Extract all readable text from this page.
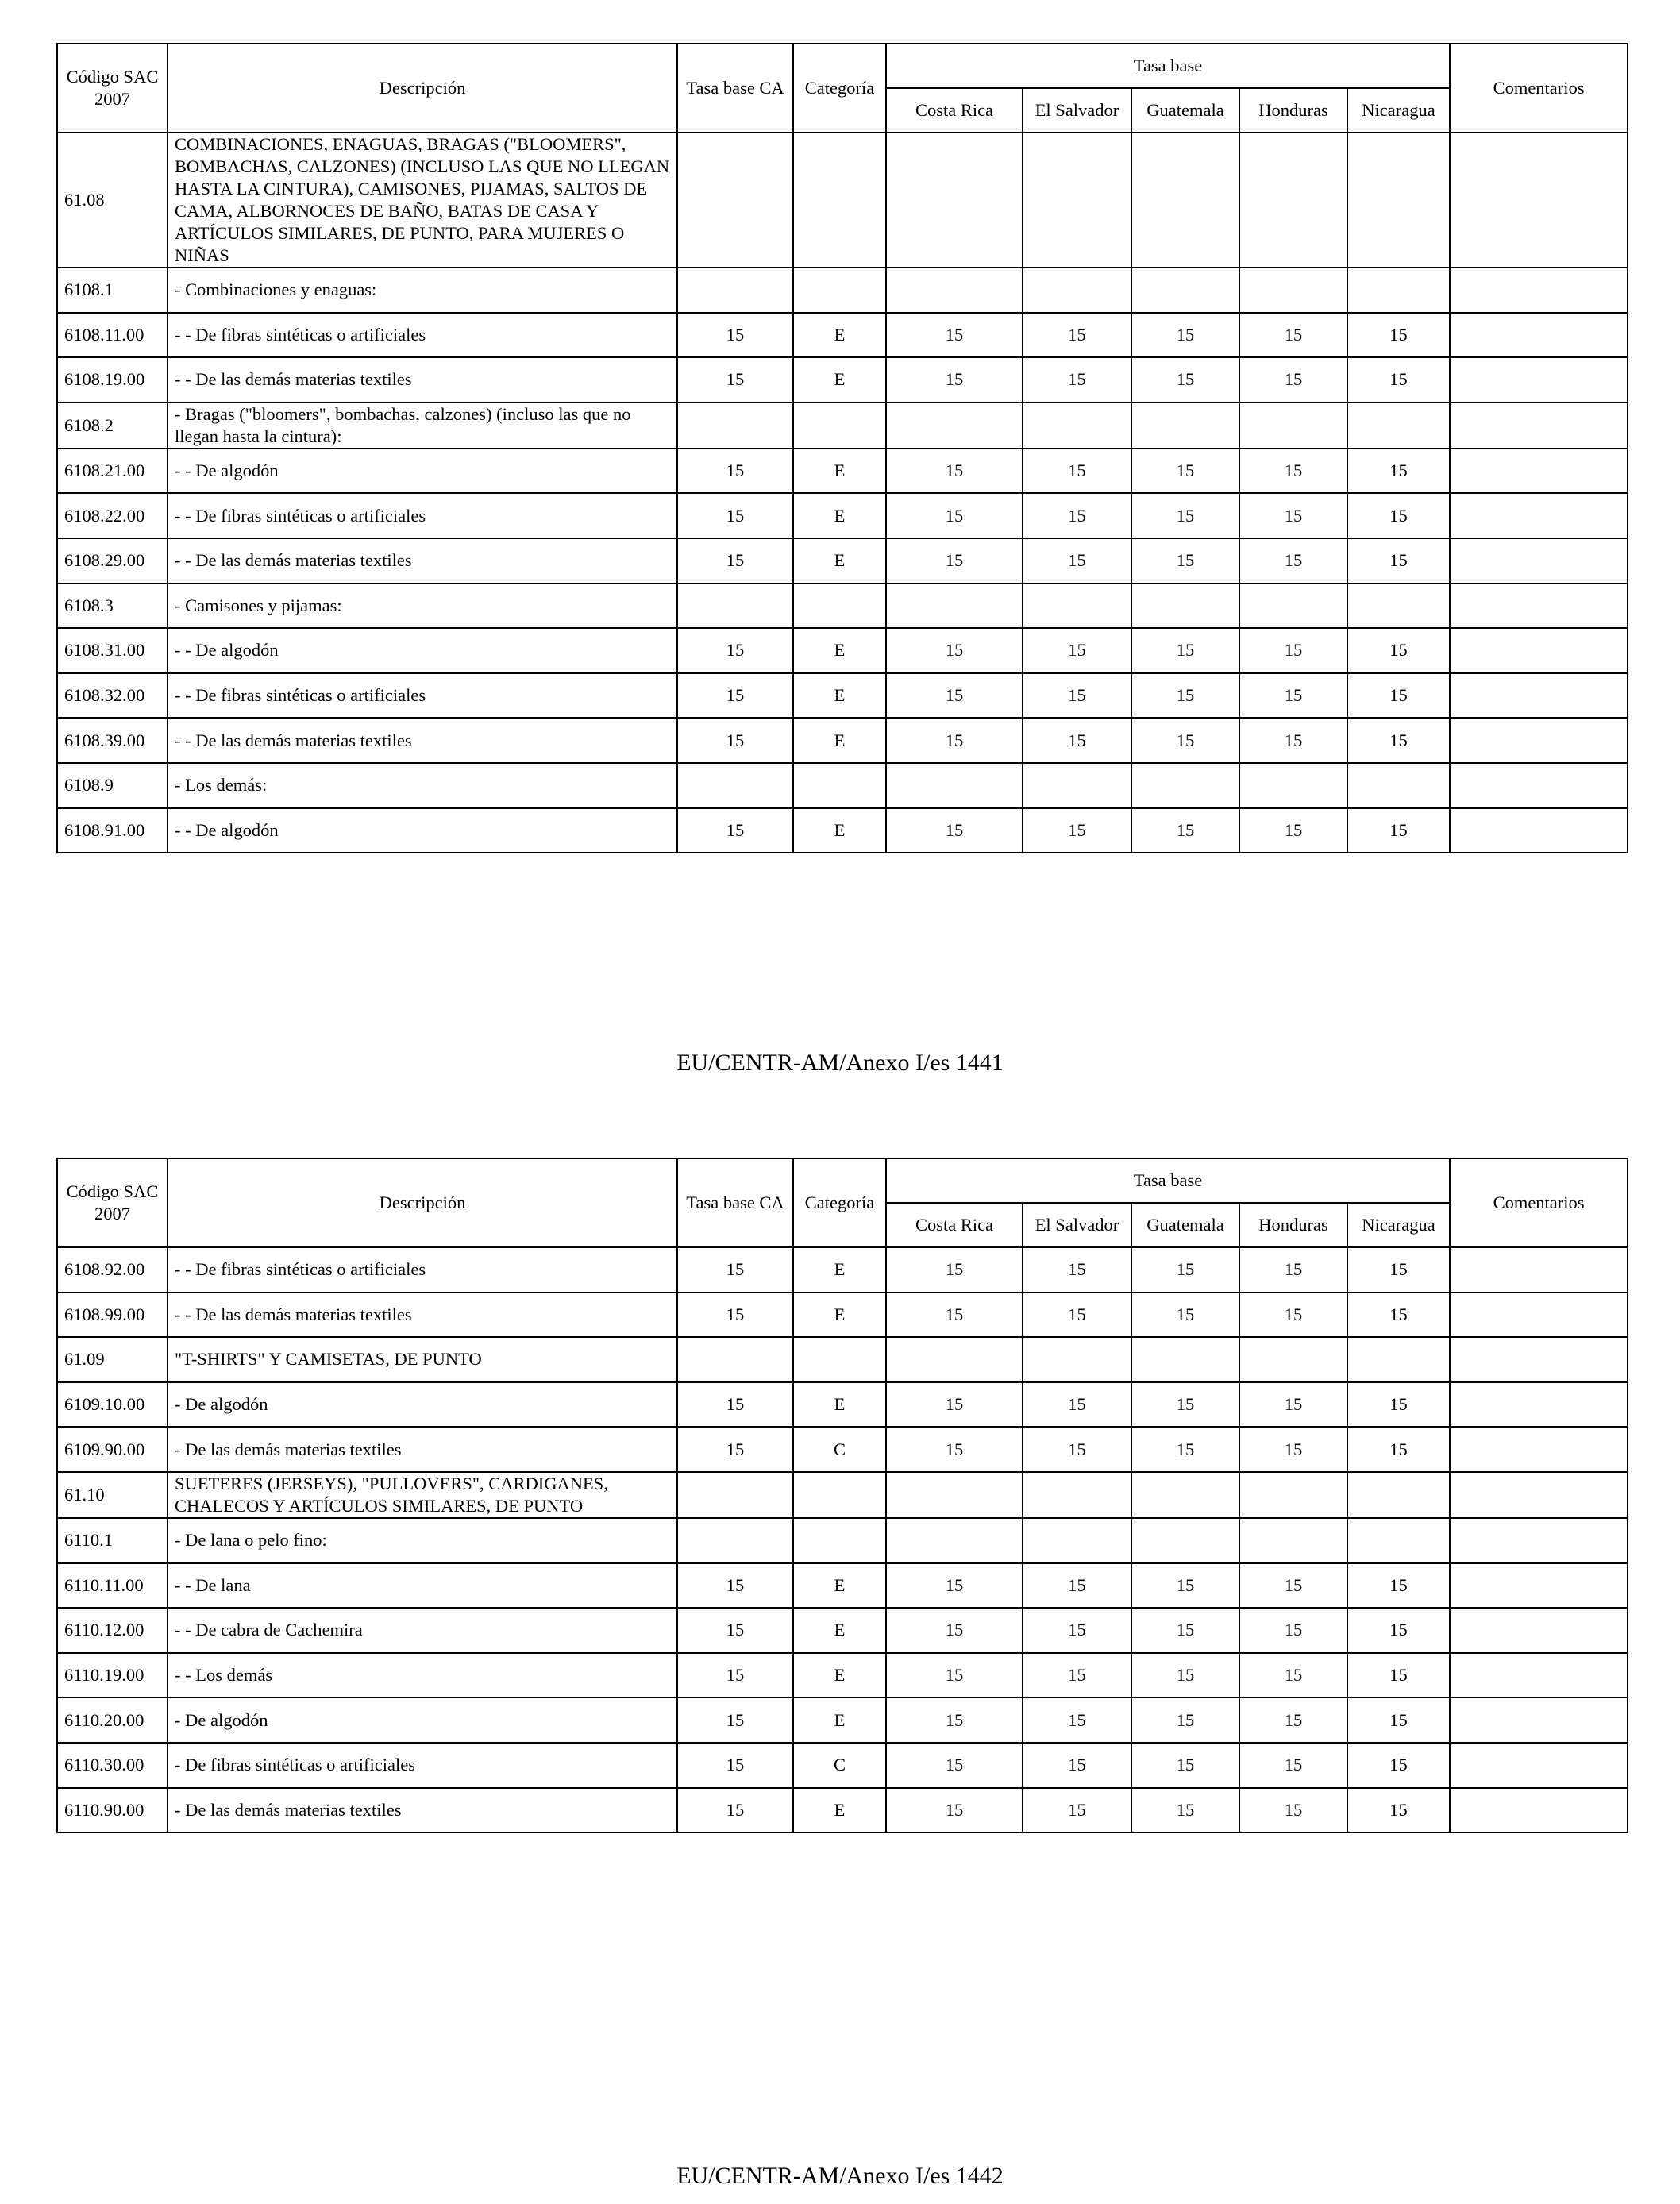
Código SAC 2007	Descripción	Tasa base CA	Categoría	Tasa base					Comentarios
				Costa Rica	El Salvador	Guatemala	Honduras	Nicaragua	
61.08	COMBINACIONES, ENAGUAS, BRAGAS ("BLOOMERS", BOMBACHAS, CALZONES) (INCLUSO LAS QUE NO LLEGAN HASTA LA CINTURA), CAMISONES, PIJAMAS, SALTOS DE CAMA, ALBORNOCES DE BAÑO, BATAS DE CASA Y ARTÍCULOS SIMILARES, DE PUNTO, PARA MUJERES O NIÑAS								
6108.1	- Combinaciones y enaguas:								
6108.11.00	- - De fibras sintéticas o artificiales	15	E	15	15	15	15	15	
6108.19.00	- - De las demás materias textiles	15	E	15	15	15	15	15	
6108.2	- Bragas ("bloomers", bombachas, calzones) (incluso las que no llegan hasta la cintura):								
6108.21.00	- - De algodón	15	E	15	15	15	15	15	
6108.22.00	- - De fibras sintéticas o artificiales	15	E	15	15	15	15	15	
6108.29.00	- - De las demás materias textiles	15	E	15	15	15	15	15	
6108.3	- Camisones y pijamas:								
6108.31.00	- - De algodón	15	E	15	15	15	15	15	
6108.32.00	- - De fibras sintéticas o artificiales	15	E	15	15	15	15	15	
6108.39.00	- - De las demás materias textiles	15	E	15	15	15	15	15	
6108.9	- Los demás:								
6108.91.00	- - De algodón	15	E	15	15	15	15	15	
EU/CENTR-AM/Anexo I/es 1441
Código SAC 2007	Descripción	Tasa base CA	Categoría	Tasa base					Comentarios
				Costa Rica	El Salvador	Guatemala	Honduras	Nicaragua	
6108.92.00	- - De fibras sintéticas o artificiales	15	E	15	15	15	15	15	
6108.99.00	- - De las demás materias textiles	15	E	15	15	15	15	15	
61.09	"T-SHIRTS" Y CAMISETAS, DE PUNTO								
6109.10.00	- De algodón	15	E	15	15	15	15	15	
6109.90.00	- De las demás materias textiles	15	C	15	15	15	15	15	
61.10	SUETERES (JERSEYS), "PULLOVERS", CARDIGANES, CHALECOS Y ARTÍCULOS SIMILARES, DE PUNTO								
6110.1	- De lana o pelo fino:								
6110.11.00	- - De lana	15	E	15	15	15	15	15	
6110.12.00	- - De cabra de Cachemira	15	E	15	15	15	15	15	
6110.19.00	- - Los demás	15	E	15	15	15	15	15	
6110.20.00	- De algodón	15	E	15	15	15	15	15	
6110.30.00	- De fibras sintéticas o artificiales	15	C	15	15	15	15	15	
6110.90.00	- De las demás materias textiles	15	E	15	15	15	15	15	
EU/CENTR-AM/Anexo I/es 1442
